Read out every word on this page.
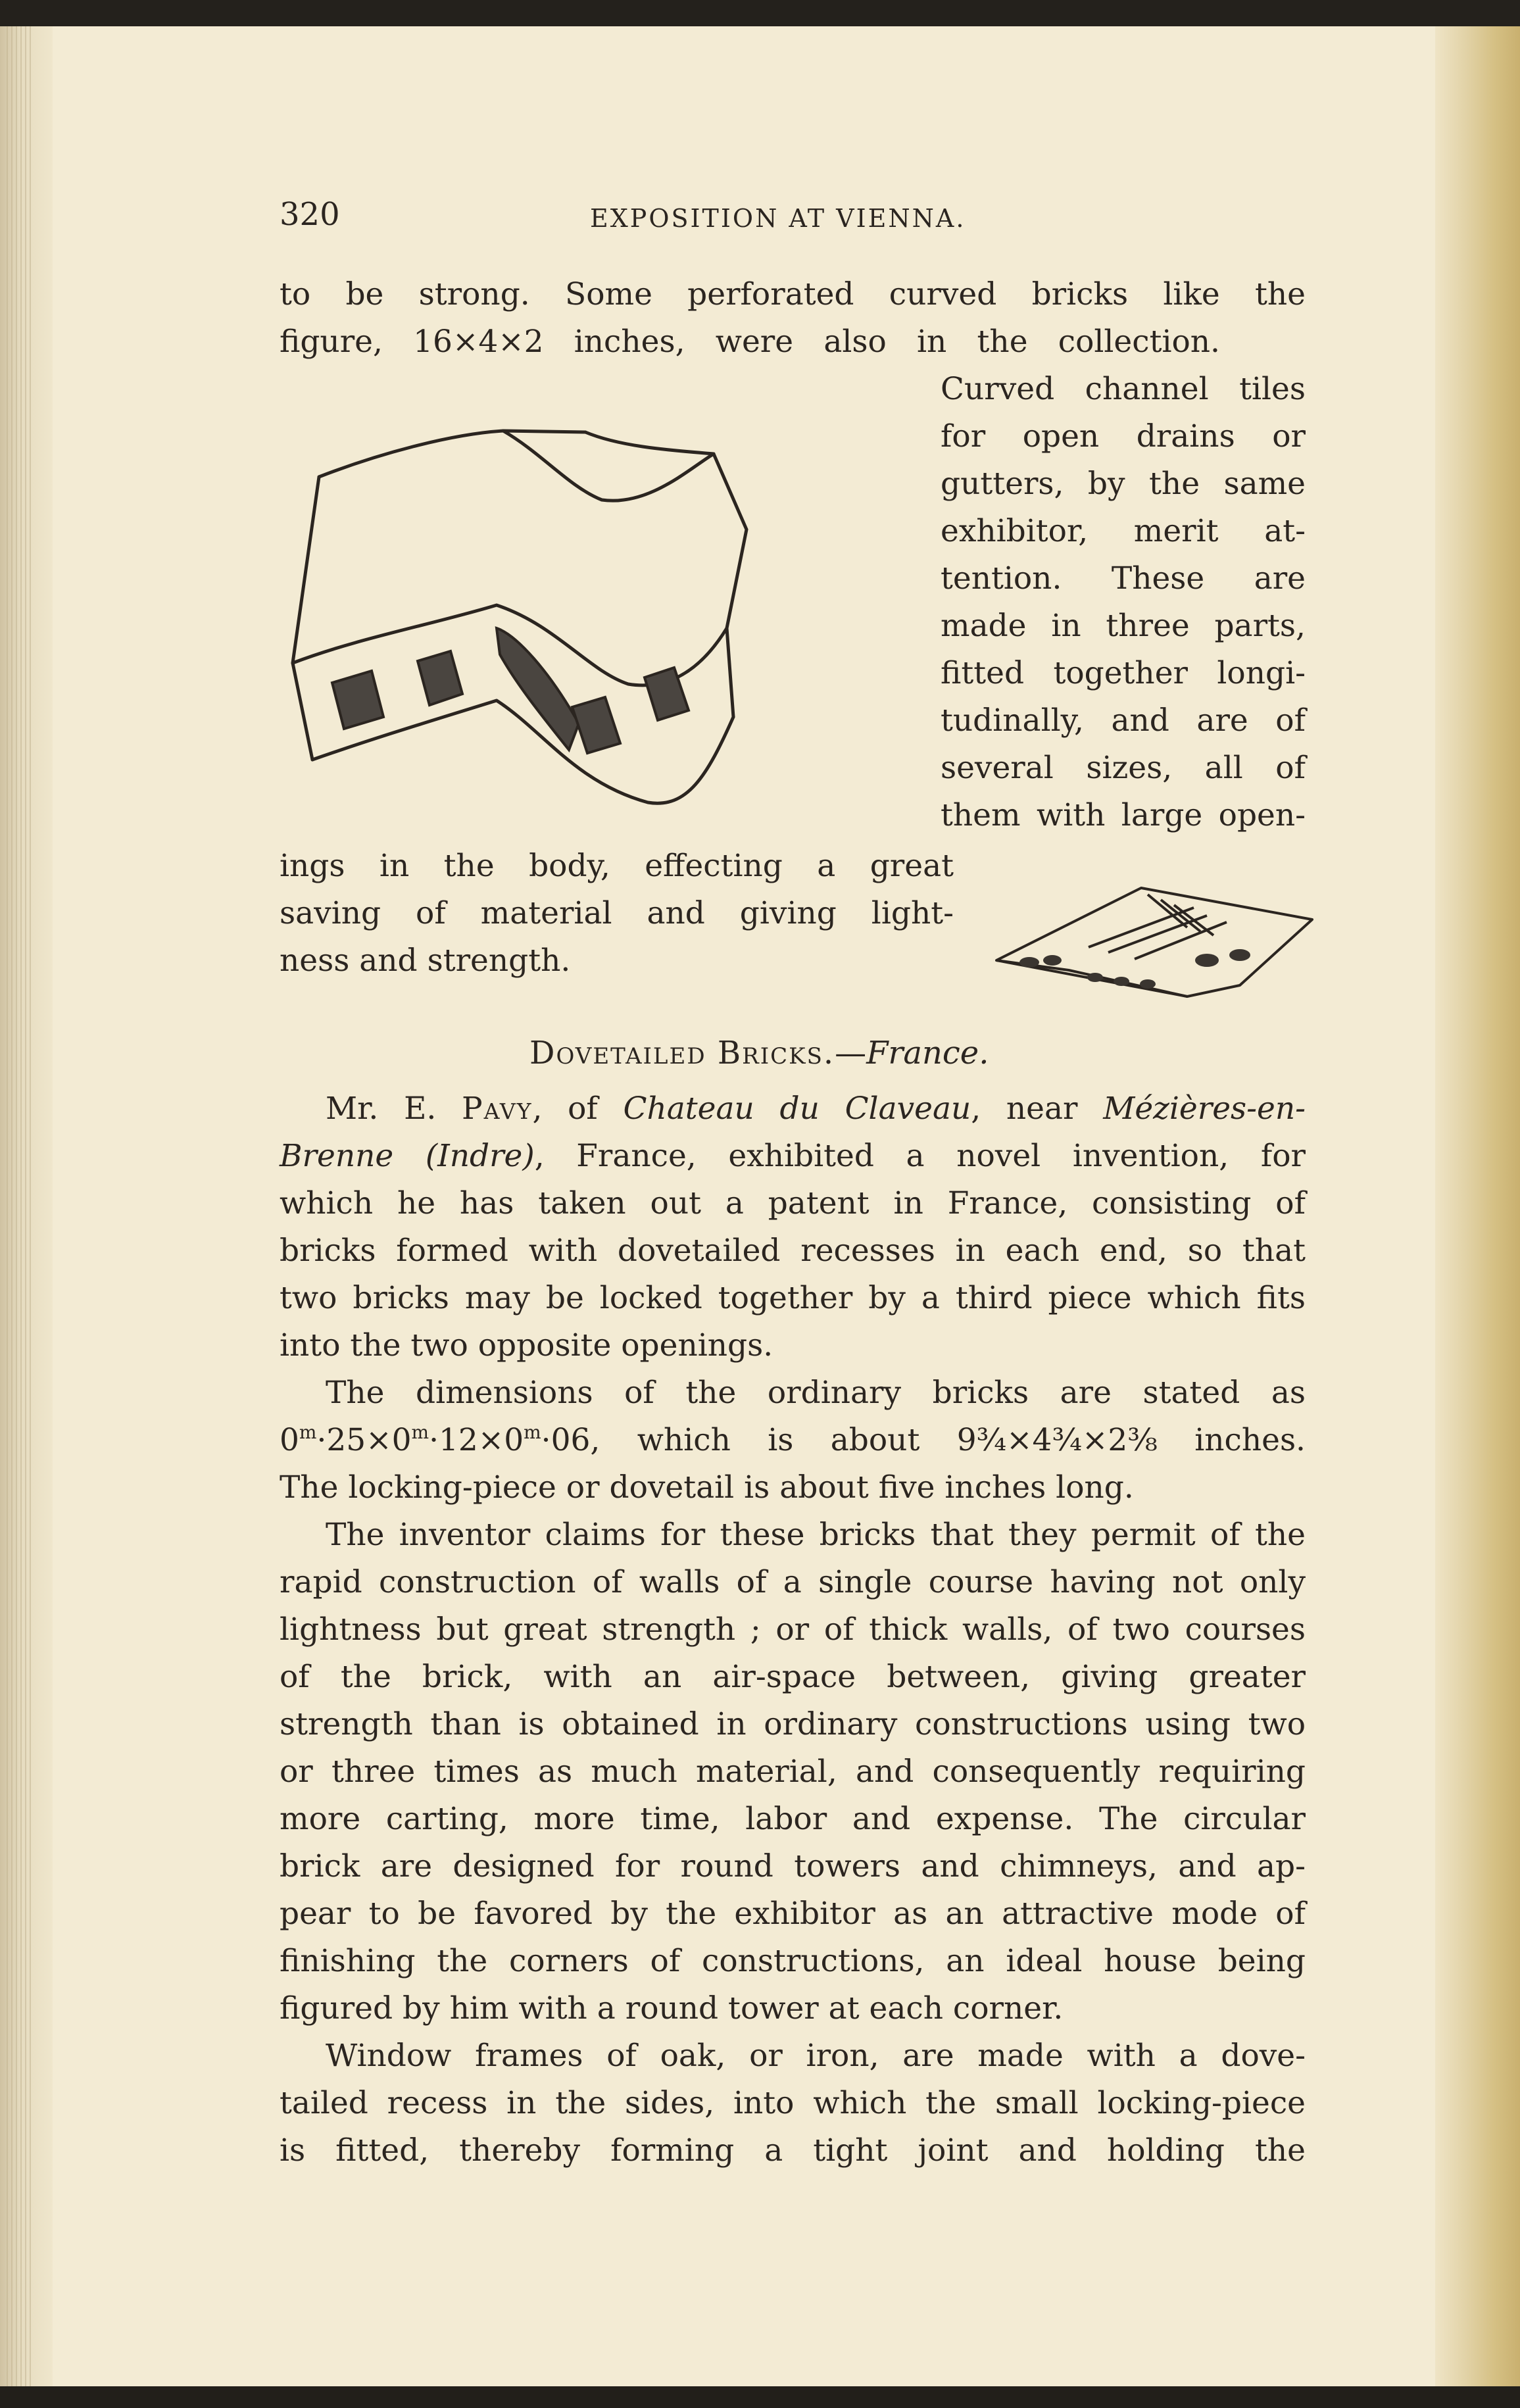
320	EXPOSITION AT VIENNA.
to be strong. Some perforated curved bricks like the
figure, 16×4×2 inches, were also in the collection.
Curved channel tiles
for open drains or
gutters, by the same
exhibitor, merit at-
tention. These are
made in three parts,
fitted together longi-
tudinally, and are of
several sizes, all of
them with large open-
ings in the body, effecting a great
saving of material and giving light-
ness and strength.
Dovetailed Bricks.—France.
Mr. E. Pavy, of Chateau du Claveau, near Mézières-en-
Brenne (Indre), France, exhibited a novel invention, for
which he has taken out a patent in France, consisting of
bricks formed with dovetailed recesses in each end, so that
two bricks may be locked together by a third piece which fits
into the two opposite openings.
The dimensions of the ordinary bricks are stated as
$0^m\cdot 25\times 0^m\cdot 12\times 0^m\cdot 06$, which is about 9¾×4¾×2⅜ inches.
The locking-piece or dovetail is about five inches long.
The inventor claims for these bricks that they permit of the
rapid construction of walls of a single course having not only
lightness but great strength ; or of thick walls, of two courses
of the brick, with an air-space between, giving greater
strength than is obtained in ordinary constructions using two
or three times as much material, and consequently requiring
more carting, more time, labor and expense. The circular
brick are designed for round towers and chimneys, and ap-
pear to be favored by the exhibitor as an attractive mode of
finishing the corners of constructions, an ideal house being
figured by him with a round tower at each corner.
Window frames of oak, or iron, are made with a dove-
tailed recess in the sides, into which the small locking-piece
is fitted, thereby forming a tight joint and holding the
